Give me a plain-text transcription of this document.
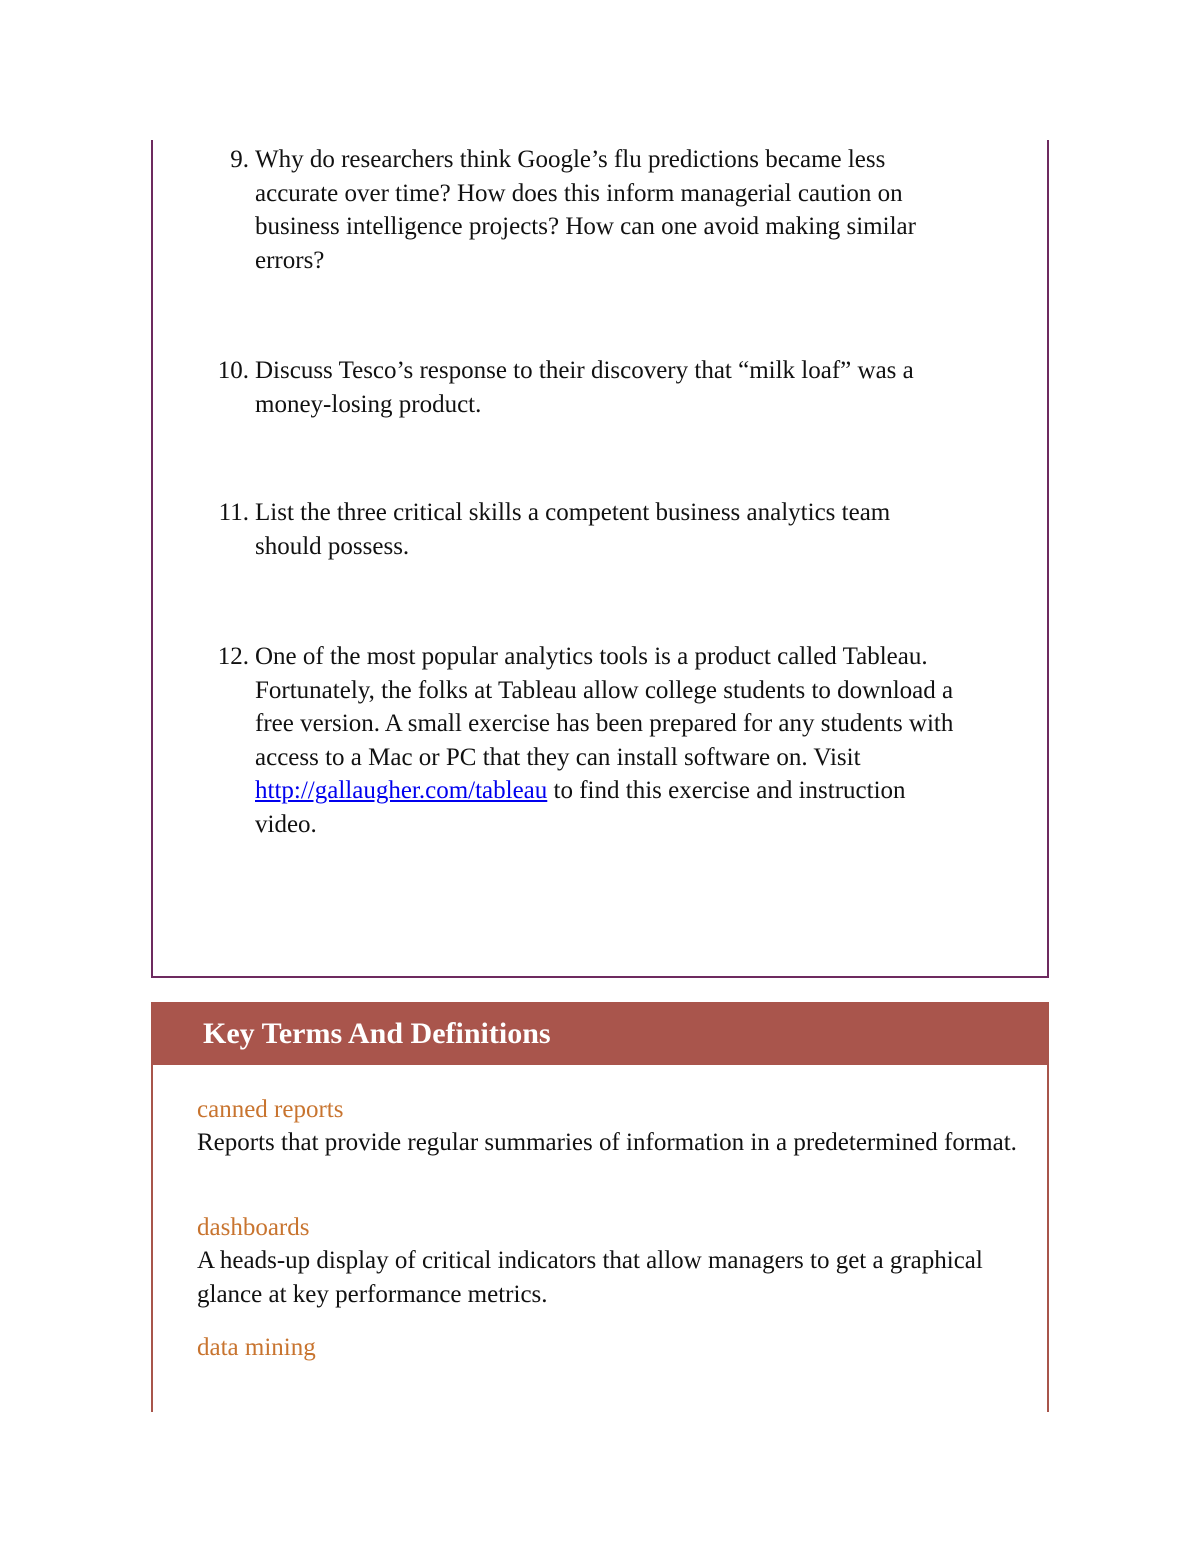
9. Why do researchers think Google’s flu predictions became less accurate over time? How does this inform managerial caution on business intelligence projects? How can one avoid making similar errors?
10. Discuss Tesco’s response to their discovery that “milk loaf” was a money-losing product.
11. List the three critical skills a competent business analytics team should possess.
12. One of the most popular analytics tools is a product called Tableau. Fortunately, the folks at Tableau allow college students to download a free version. A small exercise has been prepared for any students with access to a Mac or PC that they can install software on. Visit http://gallaugher.com/tableau to find this exercise and instruction video.
Key Terms And Definitions
canned reports
Reports that provide regular summaries of information in a predetermined format.
dashboards
A heads-up display of critical indicators that allow managers to get a graphical glance at key performance metrics.
data mining
